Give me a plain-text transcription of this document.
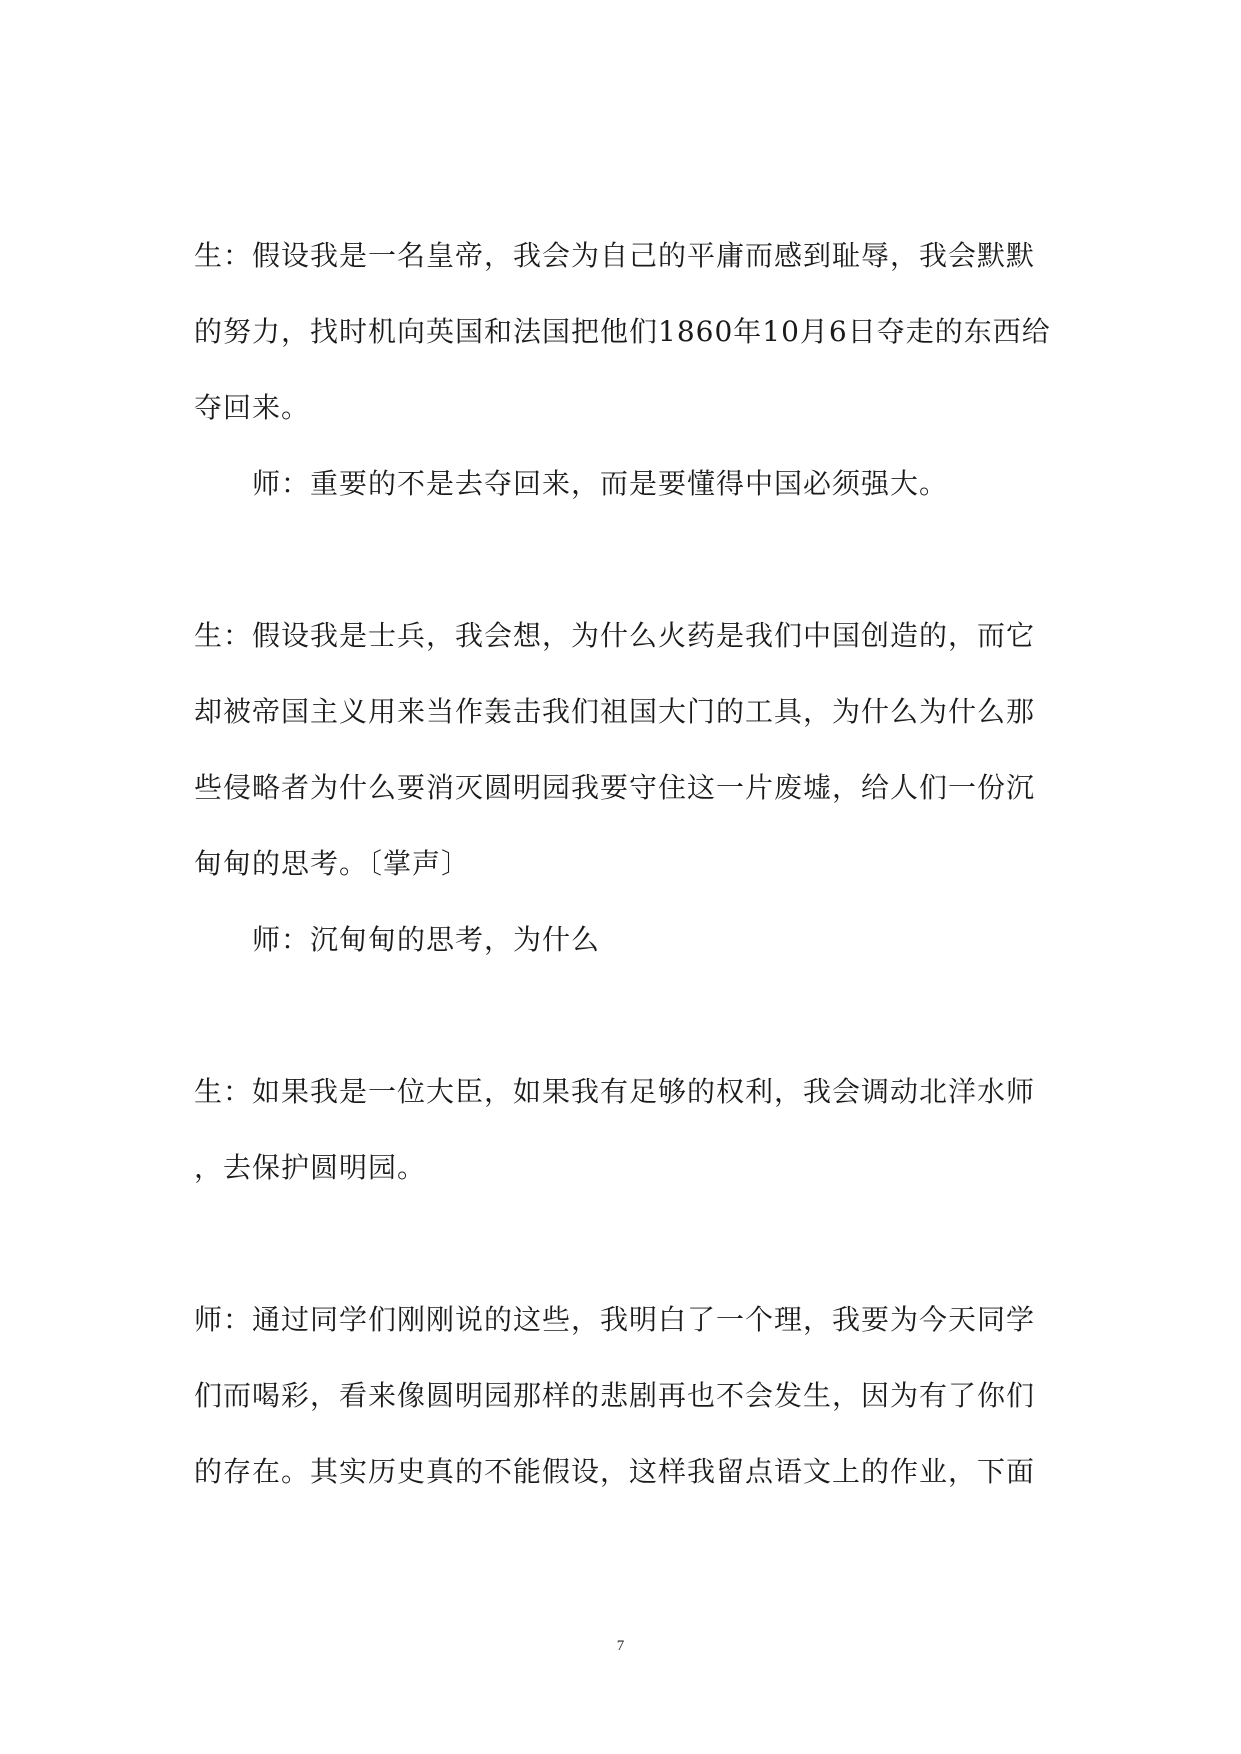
生：假设我是一名皇帝，我会为自己的平庸而感到耻辱，我会默默
的努力，找时机向英国和法国把他们1860年10月6日夺走的东西给
夺回来。
师：重要的不是去夺回来，而是要懂得中国必须强大。
生：假设我是士兵，我会想，为什么火药是我们中国创造的，而它
却被帝国主义用来当作轰击我们祖国大门的工具，为什么为什么那
些侵略者为什么要消灭圆明园我要守住这一片废墟，给人们一份沉
甸甸的思考。〔掌声〕
师：沉甸甸的思考，为什么
生：如果我是一位大臣，如果我有足够的权利，我会调动北洋水师
，去保护圆明园。
师：通过同学们刚刚说的这些，我明白了一个理，我要为今天同学
们而喝彩，看来像圆明园那样的悲剧再也不会发生，因为有了你们
的存在。其实历史真的不能假设，这样我留点语文上的作业，下面
7
